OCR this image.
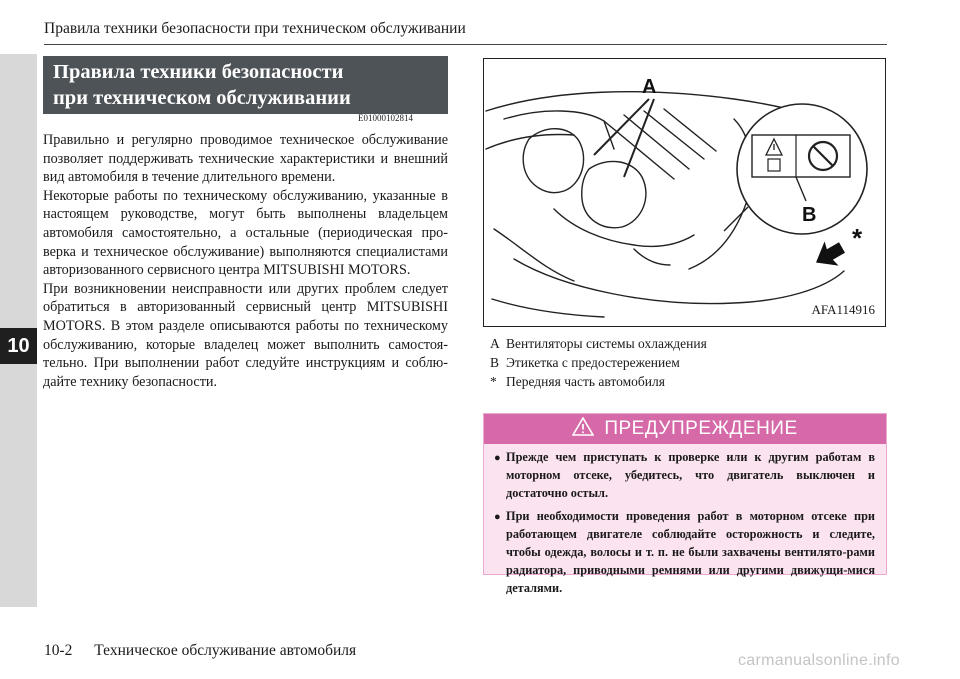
Правила техники безопасности при техническом обслуживании
10
Правила техники безопасности
при техническом обслуживании
E01000102814

Правильно и регулярно проводимое техническое обслуживание позволяет поддерживать технические характеристики и внешний вид автомобиля в течение длительного времени.

Некоторые работы по техническому обслуживанию, указанные в настоящем руководстве, могут быть выполнены владельцем автомобиля самостоятельно, а остальные (периодическая про-верка и техническое обслуживание) выполняются специалистами авторизованного сервисного центра MITSUBISHI MOTORS.

При возникновении неисправности или других проблем следует обратиться в авторизованный сервисный центр MITSUBISHI MOTORS. В этом разделе описываются работы по техническому обслуживанию, которые владелец может выполнить самостоя-тельно. При выполнении работ следуйте инструкциям и соблю-дайте технику безопасности.

A
B
*
AFA114916
A Вентиляторы системы охлаждения
B Этикетка с предостережением
* Передняя часть автомобиля
ПРЕДУПРЕЖДЕНИЕ
● Прежде чем приступать к проверке или к другим работам в моторном отсеке, убедитесь, что двигатель выключен и достаточно остыл.
● При необходимости проведения работ в моторном отсеке при работающем двигателе соблюдайте осторожность и следите, чтобы одежда, волосы и т. п. не были захвачены вентилято-рами радиатора, приводными ремнями или другими движущи-мися деталями.
10-2 Техническое обслуживание автомобиля
carmanualsonline.info
